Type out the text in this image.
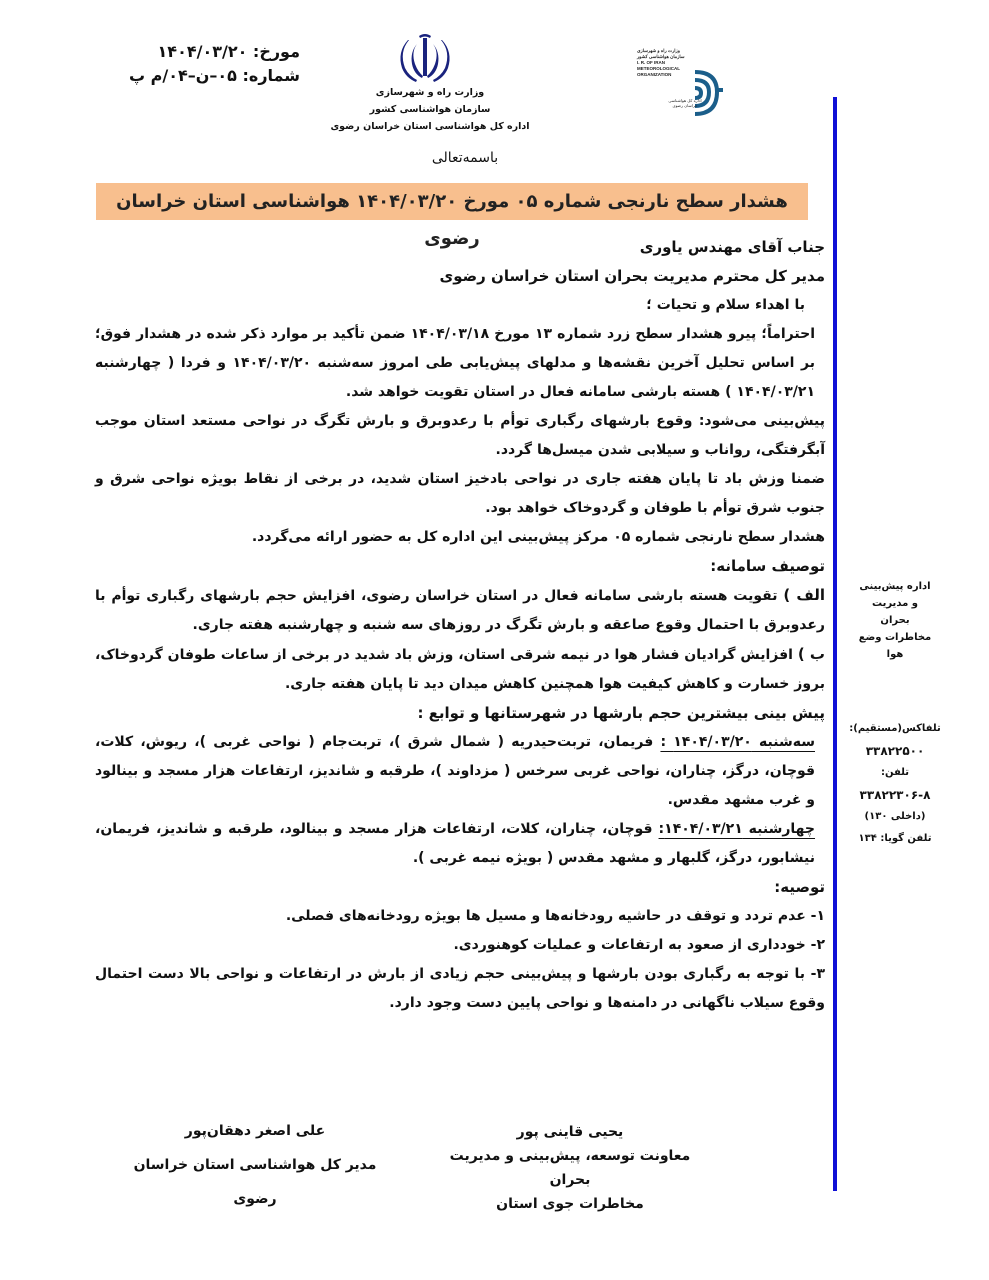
مورخ: ۱۴۰۴/۰۳/۲۰
شماره: ۰۵–ن–۰۴/م پ
وزارت راه و شهرسازی
سازمان هواشناسی کشور
اداره کل هواشناسی استان خراسان رضوی
وزارت راه و شهرسازی
سازمان هواشناسی کشور
I. R. OF IRAN
METEOROLOGICAL
ORGANIZATION
اداره کل هواشناسی خراسان رضوی
باسمه‌تعالی
هشدار سطح نارنجی شماره ۰۵ مورخ ۱۴۰۴/۰۳/۲۰ هواشناسی استان خراسان رضوی
اداره پیش‌بینی
و مدیریت
بحران
مخاطرات وضع
هوا
تلفاکس(مستقیم):
۳۳۸۲۲۵۰۰
تلفن:
۳۳۸۲۲۳۰۶-۸
(داخلی ۱۳۰)
تلفن گویا: ۱۳۴

جناب آقای مهندس یاوری

مدیر کل محترم مدیریت بحران استان خراسان رضوی

با اهداء سلام و تحیات ؛

احتراماً؛ پیرو هشدار سطح زرد شماره ۱۳ مورخ ۱۴۰۴/۰۳/۱۸ ضمن تأکید بر موارد ذکر شده در هشدار فوق؛ بر اساس تحلیل آخرین نقشه‌ها و مدلهای پیش‌یابی طی امروز سه‌شنبه ۱۴۰۴/۰۳/۲۰ و فردا ( چهارشنبه ۱۴۰۴/۰۳/۲۱ ) هسته بارشی سامانه فعال در استان تقویت خواهد شد.

پیش‌بینی می‌شود: وقوع بارشهای رگباری توأم با رعدوبرق و بارش تگرگ در نواحی مستعد استان موجب آبگرفتگی، رواناب و سیلابی شدن میسل‌ها گردد.

ضمنا وزش باد تا پایان هفته جاری در نواحی بادخیز استان شدید، در برخی از نقاط بویژه نواحی شرق و جنوب شرق توأم با طوفان و گردوخاک خواهد بود.

هشدار سطح نارنجی شماره ۰۵ مرکز پیش‌بینی این اداره کل به حضور ارائه می‌گردد.

توصیف سامانه:

الف ) تقویت هسته بارشی سامانه فعال در استان خراسان رضوی، افزایش حجم بارشهای رگباری توأم با رعدوبرق با احتمال وقوع صاعقه و بارش تگرگ در روزهای سه شنبه و چهارشنبه هفته جاری.

ب ) افزایش گرادیان فشار هوا در نیمه شرقی استان، وزش باد شدید در برخی از ساعات طوفان گردوخاک، بروز خسارت و کاهش کیفیت هوا همچنین کاهش میدان دید تا پایان هفته جاری.

پیش بینی بیشترین حجم بارشها در شهرستانها و توابع :

سه‌شنبه ۱۴۰۴/۰۳/۲۰ : فریمان، تربت‌حیدریه ( شمال شرق )، تربت‌جام ( نواحی غربی )، ریوش، کلات، قوچان، درگز، چناران، نواحی غربی سرخس ( مزداوند )، طرقبه و شاندیز، ارتفاعات هزار مسجد و بینالود و غرب مشهد مقدس.

چهارشنبه ۱۴۰۴/۰۳/۲۱: قوچان، چناران، کلات، ارتفاعات هزار مسجد و بینالود، طرقبه و شاندیز، فریمان، نیشابور، درگز، گلبهار و مشهد مقدس ( بویژه نیمه غربی ).

توصیه:

۱- عدم تردد و توقف در حاشیه رودخانه‌ها و مسیل ها بویژه رودخانه‌های فصلی.

۲- خودداری از صعود به ارتفاعات و عملیات کوهنوردی.

۳- با توجه به رگباری بودن بارشها و پیش‌بینی حجم زیادی از بارش در ارتفاعات و نواحی بالا دست احتمال وقوع سیلاب ناگهانی در دامنه‌ها و نواحی پایین دست وجود دارد.

یحیی قاینی پور
معاونت توسعه، پیش‌بینی و مدیریت بحران
مخاطرات جوی استان
علی اصغر دهقان‌پور
مدیر کل هواشناسی استان خراسان رضوی
